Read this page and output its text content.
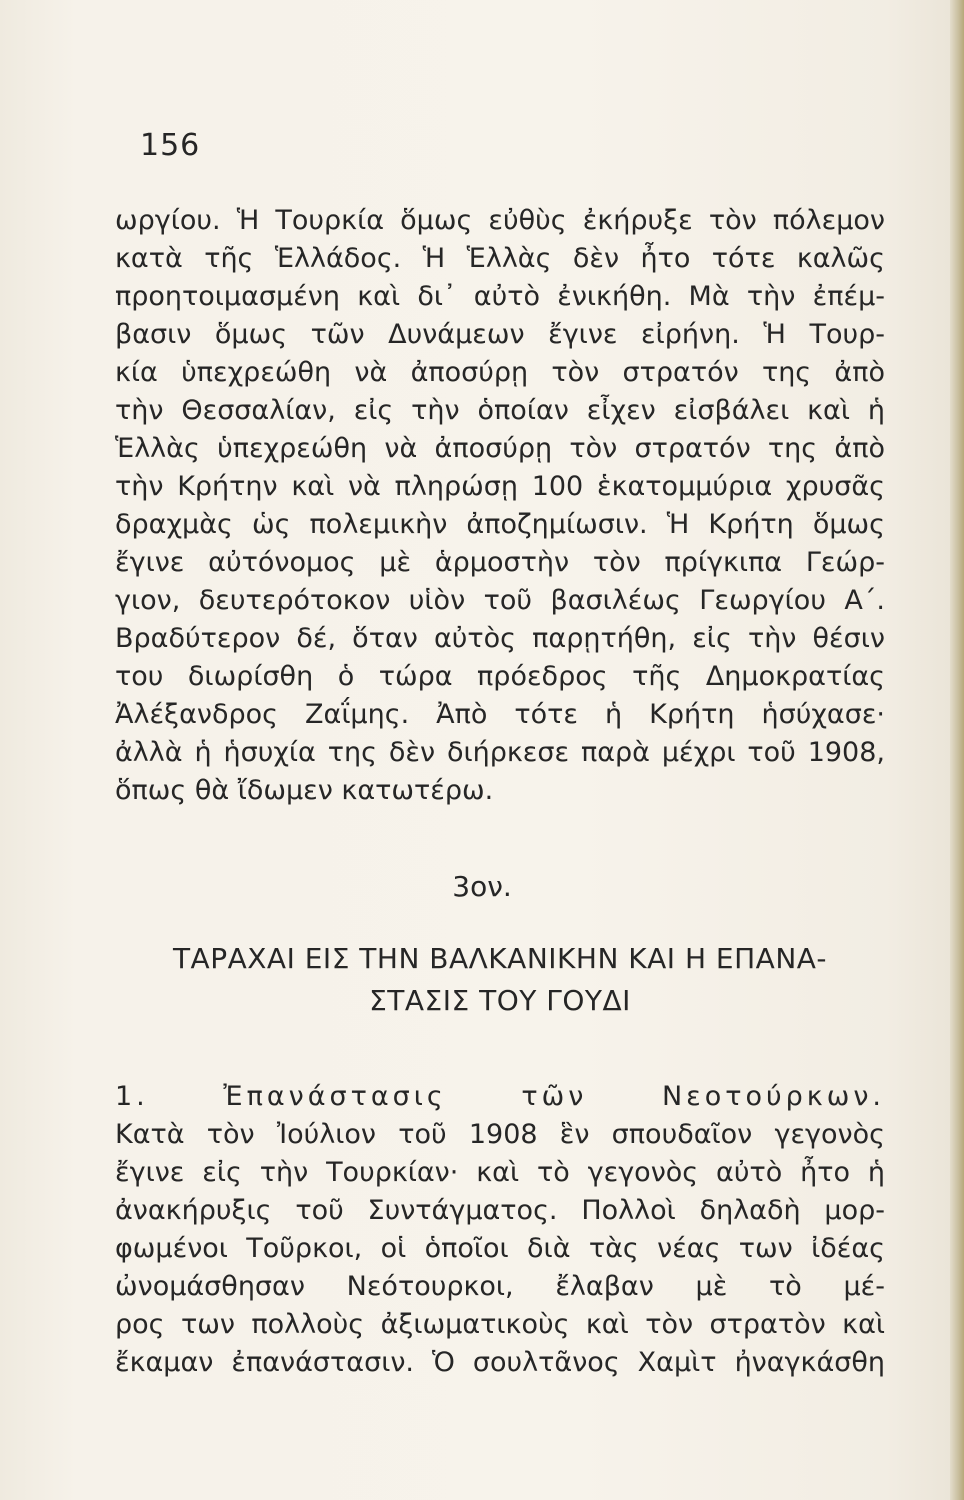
156
ωργίου. Ἡ Τουρκία ὅμως εὐθὺς ἐκήρυξε τὸν πόλεμον
κατὰ τῆς Ἑλλάδος. Ἡ Ἑλλὰς δὲν ἦτο τότε καλῶς
προητοιμασμένη καὶ δι᾿ αὐτὸ ἐνικήθη. Μὰ τὴν ἐπέμ-
βασιν ὅμως τῶν Δυνάμεων ἔγινε εἰρήνη. Ἡ Τουρ-
κία ὑπεχρεώθη νὰ ἀποσύρῃ τὸν στρατόν της ἀπὸ
τὴν Θεσσαλίαν, εἰς τὴν ὁποίαν εἶχεν εἰσβάλει καὶ ἡ
Ἑλλὰς ὑπεχρεώθη νὰ ἀποσύρῃ τὸν στρατόν της ἀπὸ
τὴν Κρήτην καὶ νὰ πληρώσῃ 100 ἑκατομμύρια χρυσᾶς
δραχμὰς ὡς πολεμικὴν ἀποζημίωσιν. Ἡ Κρήτη ὅμως
ἔγινε αὐτόνομος μὲ ἁρμοστὴν τὸν πρίγκιπα Γεώρ-
γιον, δευτερότοκον υἱὸν τοῦ βασιλέως Γεωργίου Α΄.
Βραδύτερον δέ, ὅταν αὐτὸς παρῃτήθη, εἰς τὴν θέσιν
του διωρίσθη ὁ τώρα πρόεδρος τῆς Δημοκρατίας
Ἀλέξανδρος Ζαΐμης. Ἀπὸ τότε ἡ Κρήτη ἡσύχασε·
ἀλλὰ ἡ ἡσυχία της δὲν διήρκεσε παρὰ μέχρι τοῦ 1908,
ὅπως θὰ ἴδωμεν κατωτέρω.
3ον.
ΤΑΡΑΧΑΙ ΕΙΣ ΤΗΝ ΒΑΛΚΑΝΙΚΗΝ ΚΑΙ Η ΕΠΑΝΑ-
ΣΤΑΣΙΣ ΤΟΥ ΓΟΥΔΙ
1. Ἐπανάστασις τῶν Νεοτούρκων.
Κατὰ τὸν Ἰούλιον τοῦ 1908 ἓν σπουδαῖον γεγονὸς
ἔγινε εἰς τὴν Τουρκίαν· καὶ τὸ γεγονὸς αὐτὸ ἦτο ἡ
ἀνακήρυξις τοῦ Συντάγματος. Πολλοὶ δηλαδὴ μορ-
φωμένοι Τοῦρκοι, οἱ ὁποῖοι διὰ τὰς νέας των ἰδέας
ὠνομάσθησαν Νεότουρκοι, ἔλαβαν μὲ τὸ μέ-
ρος των πολλοὺς ἀξιωματικοὺς καὶ τὸν στρατὸν καὶ
ἔκαμαν ἐπανάστασιν. Ὁ σουλτᾶνος Χαμὶτ ἠναγκάσθη
